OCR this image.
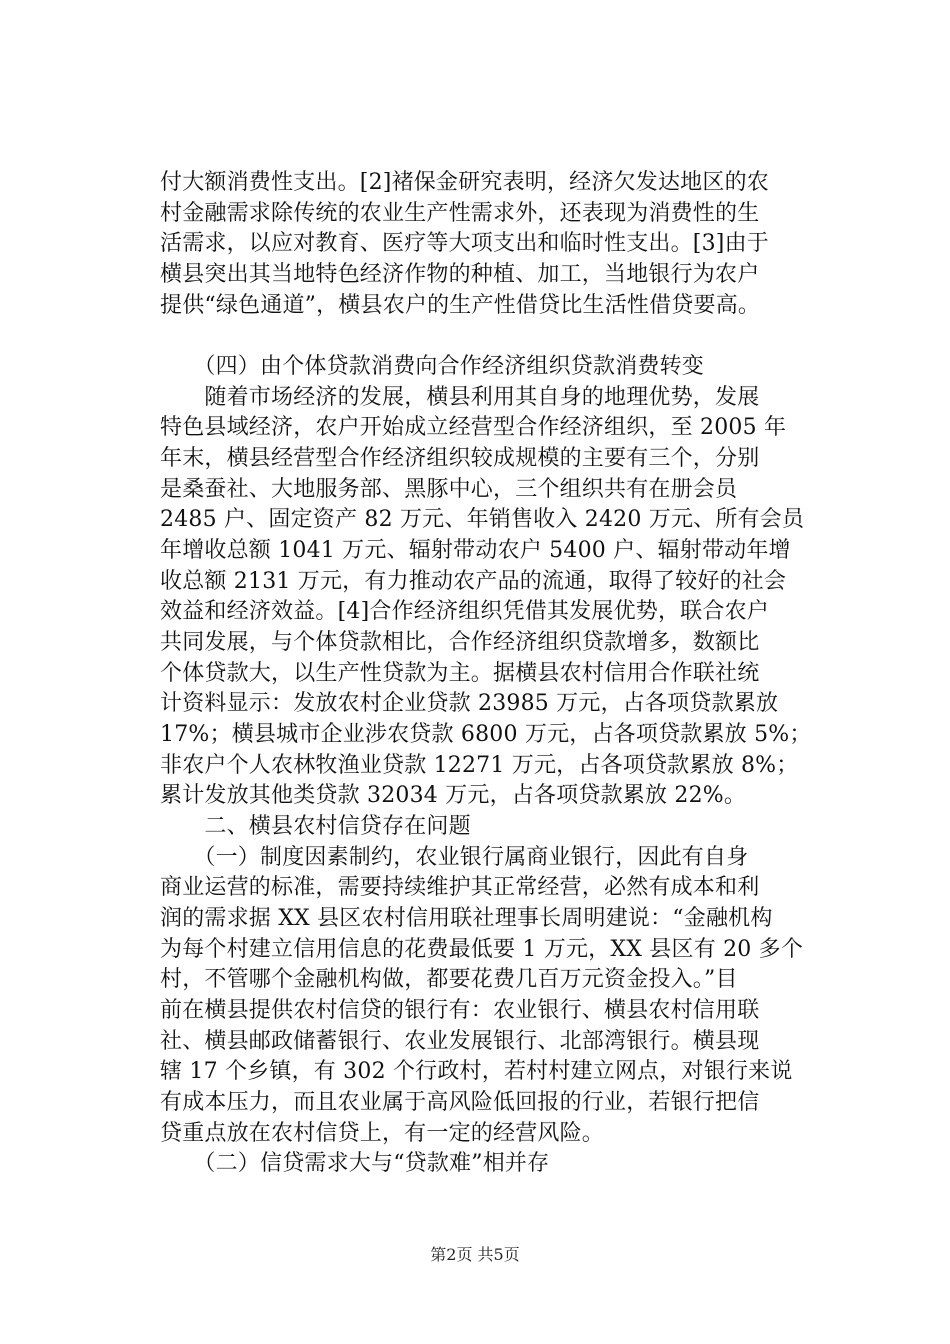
付大额消费性支出。[2]褚保金研究表明，经济欠发达地区的农
村金融需求除传统的农业生产性需求外，还表现为消费性的生
活需求，以应对教育、医疗等大项支出和临时性支出。[3]由于
横县突出其当地特色经济作物的种植、加工，当地银行为农户
提供“绿色通道”，横县农户的生产性借贷比生活性借贷要高。
　　（四）由个体贷款消费向合作经济组织贷款消费转变
　　随着市场经济的发展，横县利用其自身的地理优势，发展
特色县域经济，农户开始成立经营型合作经济组织，至 2005 年
年末，横县经营型合作经济组织较成规模的主要有三个，分别
是桑蚕社、大地服务部、黑豚中心，三个组织共有在册会员
2485 户、固定资产 82 万元、年销售收入 2420 万元、所有会员
年增收总额 1041 万元、辐射带动农户 5400 户、辐射带动年增
收总额 2131 万元，有力推动农产品的流通，取得了较好的社会
效益和经济效益。[4]合作经济组织凭借其发展优势，联合农户
共同发展，与个体贷款相比，合作经济组织贷款增多，数额比
个体贷款大，以生产性贷款为主。据横县农村信用合作联社统
计资料显示：发放农村企业贷款 23985 万元，占各项贷款累放
17%；横县城市企业涉农贷款 6800 万元，占各项贷款累放 5%；
非农户个人农林牧渔业贷款 12271 万元，占各项贷款累放 8%；
累计发放其他类贷款 32034 万元，占各项贷款累放 22%。
　　二、横县农村信贷存在问题
　　（一）制度因素制约，农业银行属商业银行，因此有自身
商业运营的标准，需要持续维护其正常经营，必然有成本和利
润的需求据 XX 县区农村信用联社理事长周明建说：“金融机构
为每个村建立信用信息的花费最低要 1 万元，XX 县区有 20 多个
村，不管哪个金融机构做，都要花费几百万元资金投入。”目
前在横县提供农村信贷的银行有：农业银行、横县农村信用联
社、横县邮政储蓄银行、农业发展银行、北部湾银行。横县现
辖 17 个乡镇，有 302 个行政村，若村村建立网点，对银行来说
有成本压力，而且农业属于高风险低回报的行业，若银行把信
贷重点放在农村信贷上，有一定的经营风险。
　　（二）信贷需求大与“贷款难”相并存
第2页 共5页
